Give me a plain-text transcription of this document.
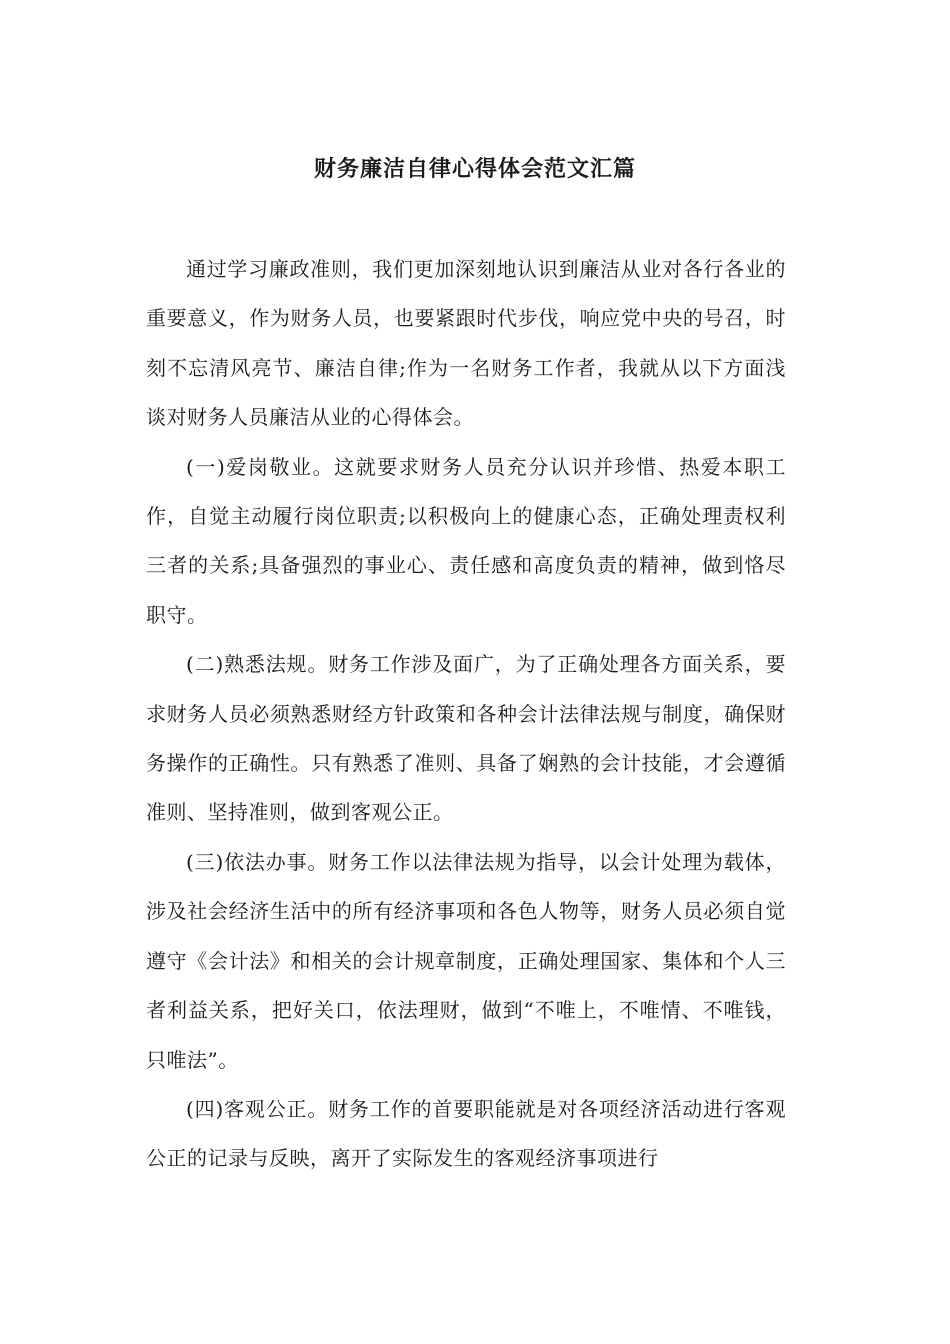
财务廉洁自律心得体会范文汇篇

通过学习廉政准则，我们更加深刻地认识到廉洁从业对各行各业的重要意义，作为财务人员，也要紧跟时代步伐，响应党中央的号召，时刻不忘清风亮节、廉洁自律;作为一名财务工作者，我就从以下方面浅谈对财务人员廉洁从业的心得体会。

(一)爱岗敬业。这就要求财务人员充分认识并珍惜、热爱本职工作，自觉主动履行岗位职责;以积极向上的健康心态，正确处理责权利三者的关系;具备强烈的事业心、责任感和高度负责的精神，做到恪尽职守。

(二)熟悉法规。财务工作涉及面广，为了正确处理各方面关系，要求财务人员必须熟悉财经方针政策和各种会计法律法规与制度，确保财务操作的正确性。只有熟悉了准则、具备了娴熟的会计技能，才会遵循准则、坚持准则，做到客观公正。

(三)依法办事。财务工作以法律法规为指导，以会计处理为载体，涉及社会经济生活中的所有经济事项和各色人物等，财务人员必须自觉遵守《会计法》和相关的会计规章制度，正确处理国家、集体和个人三者利益关系，把好关口，依法理财，做到“不唯上，不唯情、不唯钱，只唯法”。

(四)客观公正。财务工作的首要职能就是对各项经济活动进行客观公正的记录与反映，离开了实际发生的客观经济事项进行
